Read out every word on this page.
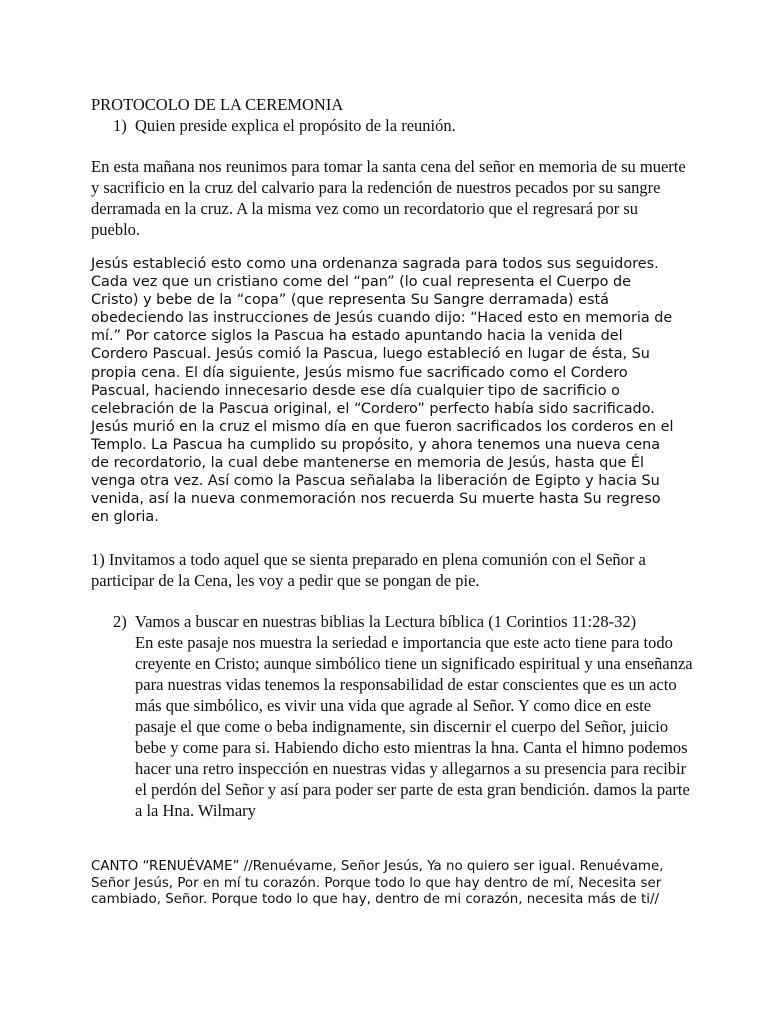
PROTOCOLO DE LA CEREMONIA

1) Quien preside explica el propósito de la reunión.

En esta mañana nos reunimos para tomar la santa cena del señor en memoria de su muerte y sacrificio en la cruz del calvario para la redención de nuestros pecados por su sangre derramada en la cruz. A la misma vez como un recordatorio que el regresará por su pueblo.

Jesús estableció esto como una ordenanza sagrada para todos sus seguidores. Cada vez que un cristiano come del “pan” (lo cual representa el Cuerpo de Cristo) y bebe de la “copa” (que representa Su Sangre derramada) está obedeciendo las instrucciones de Jesús cuando dijo: “Haced esto en memoria de mí.” Por catorce siglos la Pascua ha estado apuntando hacia la venida del Cordero Pascual. Jesús comió la Pascua, luego estableció en lugar de ésta, Su propia cena. El día siguiente, Jesús mismo fue sacrificado como el Cordero Pascual, haciendo innecesario desde ese día cualquier tipo de sacrificio o celebración de la Pascua original, el “Cordero” perfecto había sido sacrificado. Jesús murió en la cruz el mismo día en que fueron sacrificados los corderos en el Templo. La Pascua ha cumplido su propósito, y ahora tenemos una nueva cena de recordatorio, la cual debe mantenerse en memoria de Jesús, hasta que Él venga otra vez. Así como la Pascua señalaba la liberación de Egipto y hacia Su venida, así la nueva conmemoración nos recuerda Su muerte hasta Su regreso en gloria.

1) Invitamos a todo aquel que se sienta preparado en plena comunión con el Señor a participar de la Cena, les voy a pedir que se pongan de pie.

2) Vamos a buscar en nuestras biblias la Lectura bíblica (1 Corintios 11:28-32)
En este pasaje nos muestra la seriedad e importancia que este acto tiene para todo creyente en Cristo; aunque simbólico tiene un significado espiritual y una enseñanza para nuestras vidas tenemos la responsabilidad de estar conscientes que es un acto más que simbólico, es vivir una vida que agrade al Señor. Y como dice en este pasaje el que come o beba indignamente, sin discernir el cuerpo del Señor, juicio bebe y come para si. Habiendo dicho esto mientras la hna. Canta el himno podemos hacer una retro inspección en nuestras vidas y allegarnos a su presencia para recibir el perdón del Señor y así para poder ser parte de esta gran bendición. damos la parte a la Hna. Wilmary

CANTO “RENUÉVAME” //Renuévame, Señor Jesús, Ya no quiero ser igual. Renuévame, Señor Jesús, Por en mí tu corazón. Porque todo lo que hay dentro de mí, Necesita ser cambiado, Señor. Porque todo lo que hay, dentro de mi corazón, necesita más de ti//
